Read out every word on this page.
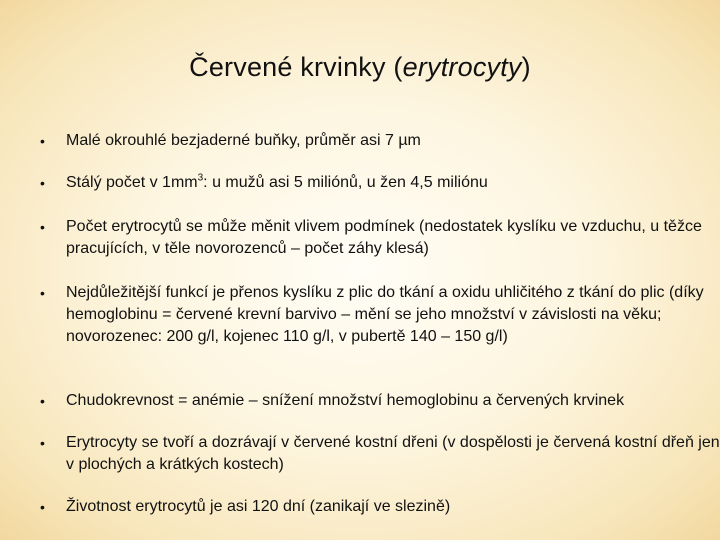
Červené krvinky (erytrocyty)
• Malé okrouhlé bezjaderné buňky, průměr asi 7 µm
• Stálý počet v $1mm^3$: u mužů asi 5 miliónů, u žen 4,5 miliónu
• Počet erytrocytů se může měnit vlivem podmínek (nedostatek kyslíku ve vzduchu, u těžce pracujících, v těle novorozenců – počet záhy klesá)
• Nejdůležitější funkcí je přenos kyslíku z plic do tkání a oxidu uhličitého z tkání do plic (díky hemoglobinu = červené krevní barvivo – mění se jeho množství v závislosti na věku; novorozenec: 200 g/l, kojenec 110 g/l, v pubertě 140 – 150 g/l)
• Chudokrevnost = anémie – snížení množství hemoglobinu a červených krvinek
• Erytrocyty se tvoří a dozrávají v červené kostní dřeni (v dospělosti je červená kostní dřeň jen v plochých a krátkých kostech)
• Životnost erytrocytů je asi 120 dní (zanikají ve slezině)
